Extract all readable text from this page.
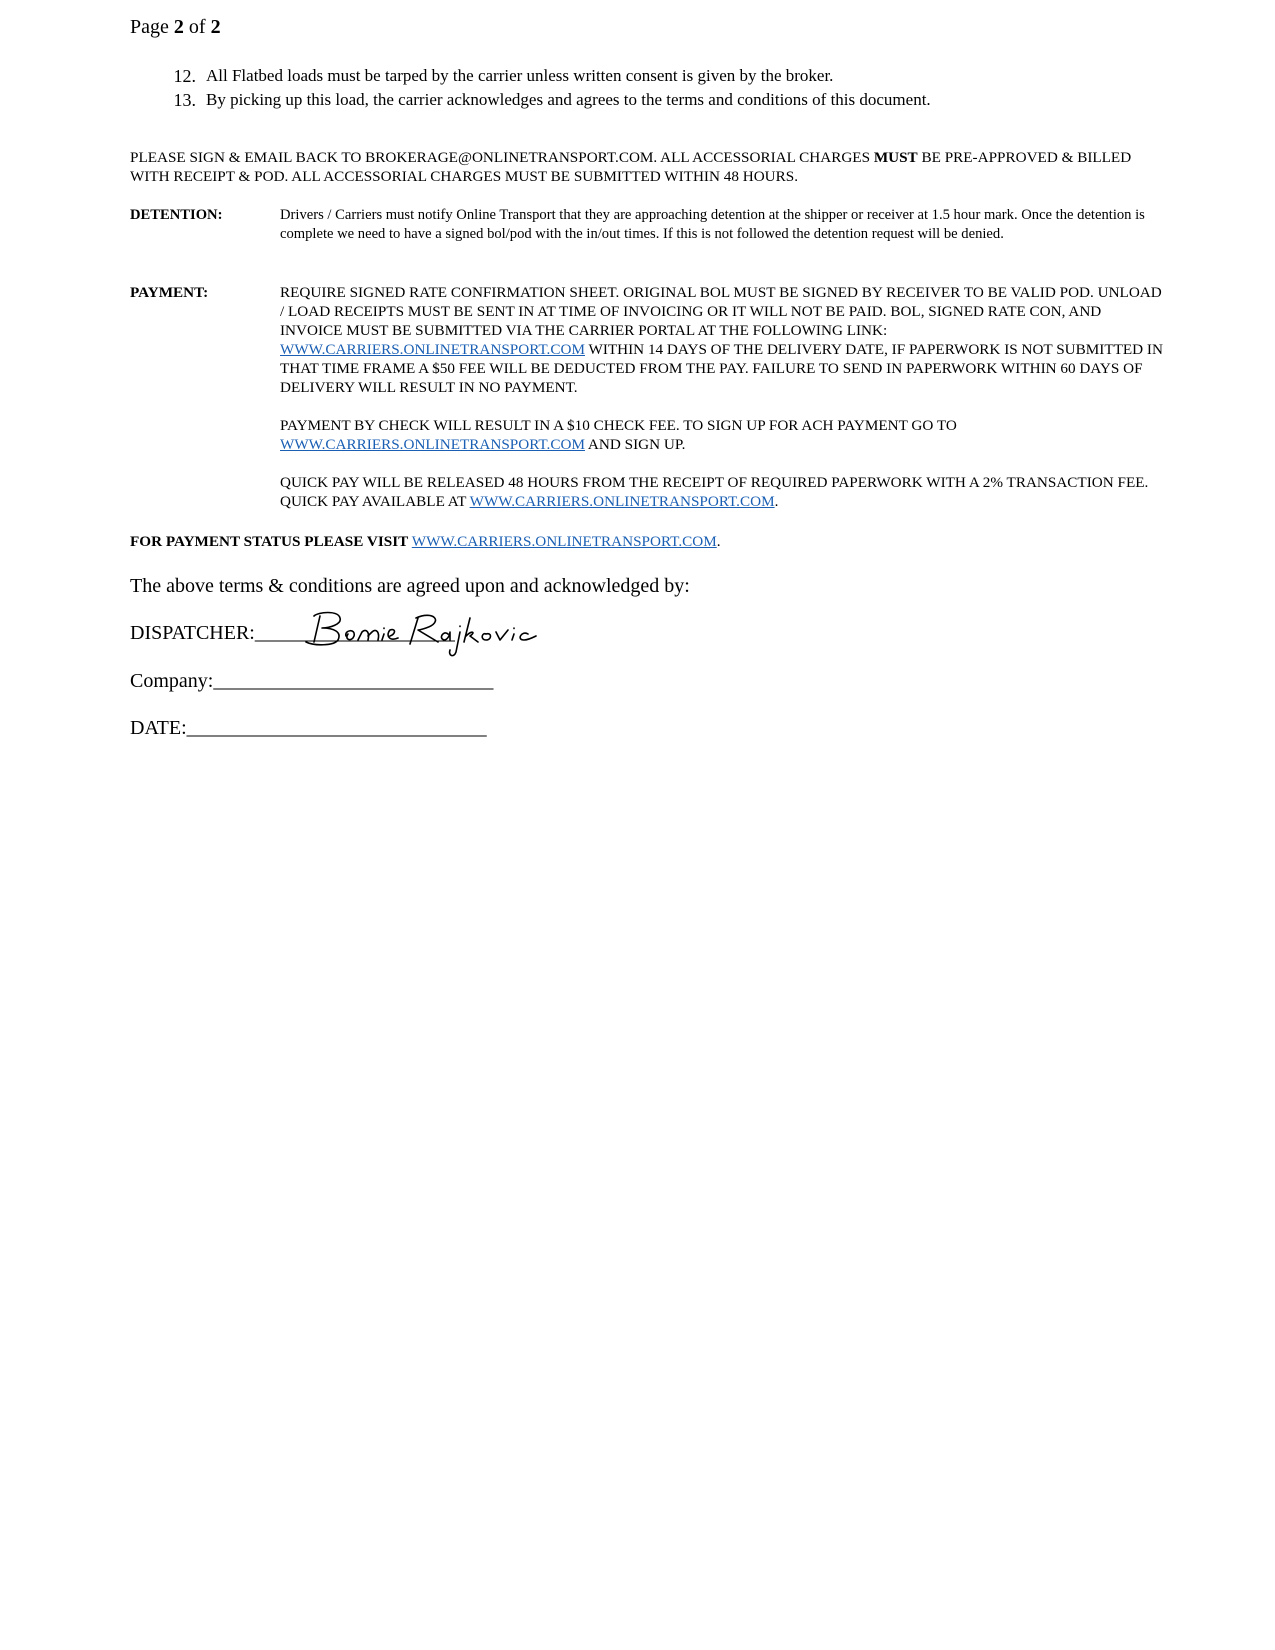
Page 2 of 2
12. All Flatbed loads must be tarped by the carrier unless written consent is given by the broker.
13. By picking up this load, the carrier acknowledges and agrees to the terms and conditions of this document.
PLEASE SIGN & EMAIL BACK TO BROKERAGE@ONLINETRANSPORT.COM. ALL ACCESSORIAL CHARGES MUST BE PRE-APPROVED & BILLED WITH RECEIPT & POD. ALL ACCESSORIAL CHARGES MUST BE SUBMITTED WITHIN 48 HOURS.
DETENTION:	Drivers / Carriers must notify Online Transport that they are approaching detention at the shipper or receiver at 1.5 hour mark. Once the detention is complete we need to have a signed bol/pod with the in/out times. If this is not followed the detention request will be denied.
PAYMENT:	REQUIRE SIGNED RATE CONFIRMATION SHEET. ORIGINAL BOL MUST BE SIGNED BY RECEIVER TO BE VALID POD. UNLOAD / LOAD RECEIPTS MUST BE SENT IN AT TIME OF INVOICING OR IT WILL NOT BE PAID. BOL, SIGNED RATE CON, AND INVOICE MUST BE SUBMITTED VIA THE CARRIER PORTAL AT THE FOLLOWING LINK: WWW.CARRIERS.ONLINETRANSPORT.COM WITHIN 14 DAYS OF THE DELIVERY DATE, IF PAPERWORK IS NOT SUBMITTED IN THAT TIME FRAME A $50 FEE WILL BE DEDUCTED FROM THE PAY. FAILURE TO SEND IN PAPERWORK WITHIN 60 DAYS OF DELIVERY WILL RESULT IN NO PAYMENT.

PAYMENT BY CHECK WILL RESULT IN A $10 CHECK FEE. TO SIGN UP FOR ACH PAYMENT GO TO WWW.CARRIERS.ONLINETRANSPORT.COM AND SIGN UP.

QUICK PAY WILL BE RELEASED 48 HOURS FROM THE RECEIPT OF REQUIRED PAPERWORK WITH A 2% TRANSACTION FEE. QUICK PAY AVAILABLE AT WWW.CARRIERS.ONLINETRANSPORT.COM.

FOR PAYMENT STATUS PLEASE VISIT WWW.CARRIERS.ONLINETRANSPORT.COM.
The above terms & conditions are agreed upon and acknowledged by:
DISPATCHER:____________________
Company:____________________________
DATE:______________________________
